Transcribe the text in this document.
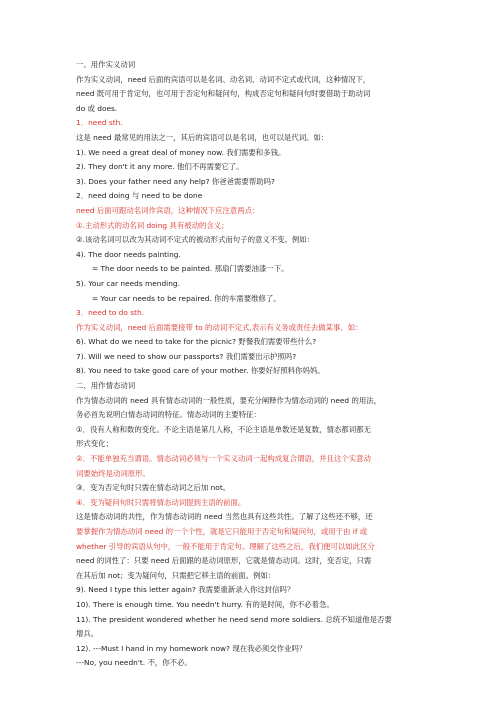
一、用作实义动词
作为实义动词，need 后面的宾语可以是名词、动名词、动词不定式或代词，这种情况下，
need 既可用于肯定句，也可用于否定句和疑问句，构成否定句和疑问句时要借助于助动词
do 或 does.
1．need sth.
这是 need 最常见的用法之一，其后的宾语可以是名词，也可以是代词。如：
1). We need a great deal of money now. 我们需要和多钱。
2). They don't it any more. 他们不再需要它了。
3). Does your father need any help? 你爸爸需要帮助吗?
2．need doing 与 need to be done
need 后面可跟动名词作宾语，这种情况下应注意两点：
①.主动形式的动名词 doing 具有被动的含义；
②.该动名词可以改为其动词不定式的被动形式而句子的意义不变。例如：
4). The door needs painting.
= The door needs to be painted. 那扇门需要油漆一下。
5). Your car needs mending.
= Your car needs to be repaired. 你的车需要维修了。
3．need to do sth.
作为实义动词，need 后面需要接带 to 的动词不定式,表示有义务或责任去做某事。如：
6). What do we need to take for the picnic? 野餐我们需要带些什么?
7). Will we need to show our passports? 我们需要出示护照吗?
8). You need to take good care of your mother. 你要好好照料你妈妈。
二、用作情态动词
作为情态动词的 need 具有情态动词的一般性质，要充分阐释作为情态动词的 need 的用法，
务必首先说明白情态动词的特征。情态动词的主要特征：
①．没有人称和数的变化。不论主语是第几人称，不论主语是单数还是复数，情态都词都无
形式变化；
②．不能单独充当谓语。情态动词必须与一个实义动词一起构成复合谓语，并且这个实意动
词要始终是动词原形。
③．变为否定句时只需在情态动词之后加 not。
④．变为疑问句时只需将情态动词提到主语的前面。
这是情态动词的共性，作为情态动词的 need 当然也具有这些共性。了解了这些还不够，还
要掌握作为情态动词 need 的一个个性，就是它只能用于否定句和疑问句，或用于由 if 或
whether 引导的宾语从句中，一般不能用于肯定句。理解了这些之后，我们便可以如此区分
need 的词性了：只要 need 后面跟的是动词原形，它就是情态动词。这时，变否定，只需
在其后加 not；变为疑问句，只需把它移主语的前面。例如：
9). Need I type this letter again? 我需要重新录入你这封信吗？
10). There is enough time. You needn't hurry. 有的是时间，你不必着急。
11). The president wondered whether he need send more soldiers. 总统不知道他是否要
增兵。
12). ---Must I hand in my homework now? 现在我必须交作业吗？
---No, you needn't. 不，你不必。
